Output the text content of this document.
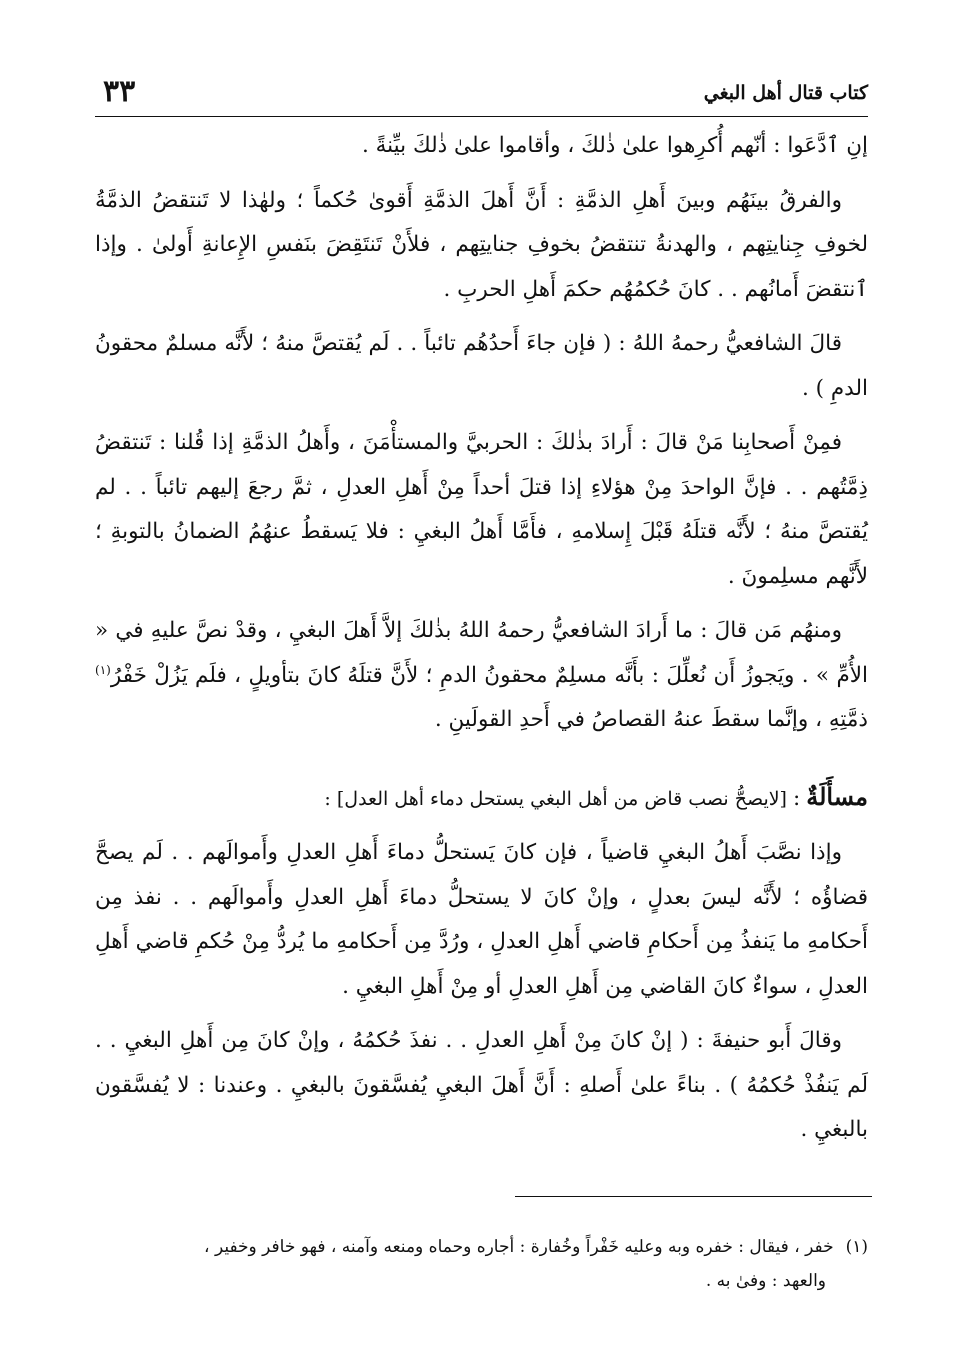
كتاب قتال أهل البغي
٣٣

إنِ ٱدَّعَوا : أنّهم أُكرِهوا علىٰ ذٰلكَ ، وأقاموا علىٰ ذٰلكَ بيِّنةً .

والفرقُ بينَهُم وبينَ أَهلِ الذمَّةِ : أَنَّ أَهلَ الذمَّةِ أَقوىٰ حُكماً ؛ ولهٰذا لا تَنتقضُ الذمَّةُ لخوفِ جِنايتِهم ، والهدنةُ تنتقضُ بخوفِ جنايتِهم ، فلأَنْ تَنتَقِضَ بنَفسِ الإِعانةِ أَولىٰ . وإذا ٱنتقضَ أَمانُهم . . كانَ حُكمُهُم حكمَ أَهلِ الحربِ .

قالَ الشافعيُّ رحمهُ اللهُ : ( فإن جاءَ أَحدُهُم تائباً . . لَم يُقتصَّ منهُ ؛ لأَنَّه مسلمٌ محقونُ الدمِ ) .

فمِنْ أَصحابِنا مَنْ قالَ : أَرادَ بذٰلكَ : الحربيَّ والمستأْمَنَ ، وأَهلُ الذمَّةِ إذا قُلنا : تَنتقضُ ذِمَّتُهم . . فإنَّ الواحدَ مِنْ هؤلاءِ إذا قتلَ أحداً مِنْ أَهلِ العدلِ ، ثمَّ رجعَ إليهم تائباً . . لم يُقتصَّ منهُ ؛ لأَنَّه قتلَهُ قَبْلَ إِسلامهِ ، فأَمَّا أَهلُ البغيِ : فلا يَسقطُ عنهُمُ الضمانُ بالتوبةِ ؛ لأَنَّهم مسلِمونَ .

ومنهُم مَن قالَ : ما أَرادَ الشافعيُّ رحمهُ اللهُ بذٰلكَ إلاَّ أَهلَ البغيِ ، وقدْ نصَّ عليهِ في « الأُمِّ » . ويَجوزُ أَن نُعلِّلَ : بأَنَّه مسلِمٌ محقونُ الدمِ ؛ لأَنَّ قتلَهُ كانَ بتأويلٍ ، فلَم يَزُلْ خَفْرُ$^{(١)}$ ذمَّتِهِ ، وإنَّما سقطَ عنهُ القصاصُ في أَحدِ القولَينِ .

مسأَلَةٌ:[لايصحُّ نصب قاض من أهل البغي يستحل دماء أهل العدل] :

وإذا نصَّبَ أَهلُ البغيِ قاضياً ، فإن كانَ يَستحلُّ دماءَ أَهلِ العدلِ وأَموالَهم . . لَم يصحَّ قضاؤُه ؛ لأَنَّه ليسَ بعدلٍ ، وإنْ كانَ لا يستحلُّ دماءَ أَهلِ العدلِ وأَموالَهم . . نفذ مِن أَحكامهِ ما يَنفذُ مِن أَحكامِ قاضي أَهلِ العدلِ ، ورُدَّ مِن أَحكامهِ ما يُردُّ مِنْ حُكمِ قاضي أَهلِ العدلِ ، سواءٌ كانَ القاضي مِن أَهلِ العدلِ أو مِنْ أَهلِ البغيِ .

وقالَ أَبو حنيفةَ : ( إنْ كانَ مِنْ أَهلِ العدلِ . . نفذَ حُكمُهُ ، وإنْ كانَ مِن أَهلِ البغيِ . . لَم يَنفُذْ حُكمُهُ ) . بناءً علىٰ أَصلهِ : أَنَّ أَهلَ البغيِ يُفسَّقونَ بالبغيِ . وعندنا : لا يُفسَّقون بالبغيِ .

(١)خفر ، فيقال : خفره وبه وعليه خَفْراً وخُفارة : أجاره وحماه ومنعه وآمنه ، فهو خافر وخفير ،
والعهد : وفىٰ به .
